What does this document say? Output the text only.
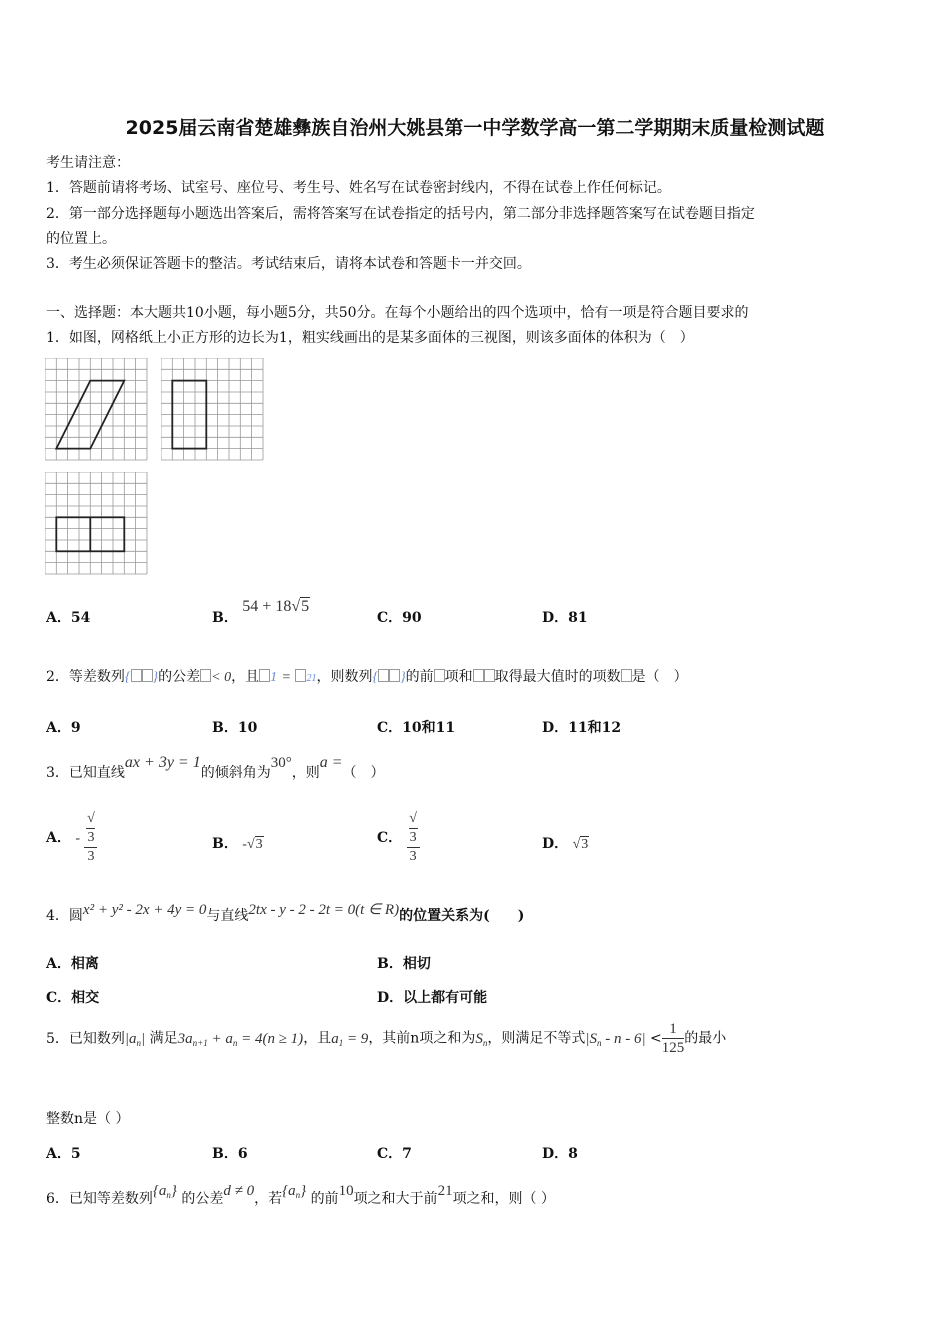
2025届云南省楚雄彝族自治州大姚县第一中学数学高一第二学期期末质量检测试题
考生请注意：
1．答题前请将考场、试室号、座位号、考生号、姓名写在试卷密封线内，不得在试卷上作任何标记。
2．第一部分选择题每小题选出答案后，需将答案写在试卷指定的括号内，第二部分非选择题答案写在试卷题目指定
的位置上。
3．考生必须保证答题卡的整洁。考试结束后，请将本试卷和答题卡一并交回。
一、选择题：本大题共10小题，每小题5分，共50分。在每个小题给出的四个选项中，恰有一项是符合题目要求的
1．如图，网格纸上小正方形的边长为1，粗实线画出的是某多面体的三视图，则该多面体的体积为（　）
A．54	B． 54 + 18√5
C．90	D．81
2．等差数列{ }的公差 < 0，且 1 = 21，则数列{ }的前 项和 取得最大值时的项数 是（　）
A．9	B．10	C．10和11	D．11和12
3．已知直线ax + 3y = 1的倾斜角为30°，则a =（　）
A． - √
3
3	B． -√3	C． √
3
3	D． √3
4．圆x² + y² - 2x + 4y = 0与直线2tx - y - 2 - 2t = 0(t ∈ R)的位置关系为(　　)
A．相离	B．相切
C．相交	D．以上都有可能
5．已知数列$|a_n|$ 满足$3a_{n+1} + a_n = 4(n \ge 1)$，且$a_1 = 9$，其前n项之和为$S_n$，则满足不等式$|S_n - n - 6| < \frac{1}{125}$ 的最小
整数n是（ ）
A．5	B．6	C．7	D．8
6．已知等差数列$\{a_n\}$ 的公差d ≠ 0，若$\{a_n\}$ 的前10项之和大于前21项之和，则（ ）
